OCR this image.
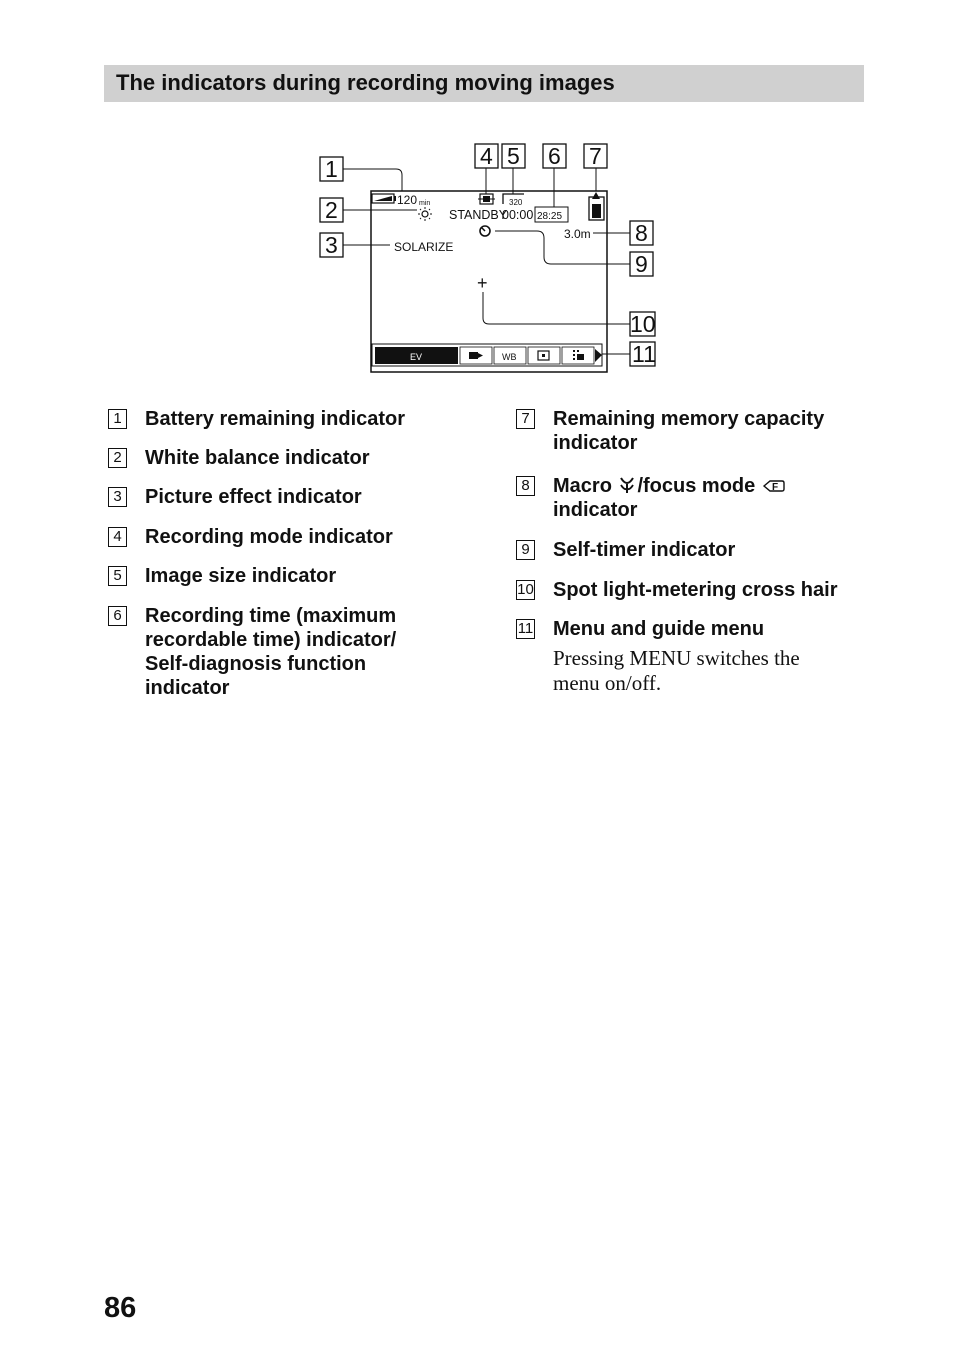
The indicators during recording moving images
120 min	320
STANDBY
00:00 28:25
SOLARIZE
3.0m
+
EV	WB
1
2
3
4 5 6 7
8
9
10
11
1 Battery remaining indicator
2 White balance indicator
3 Picture effect indicator
4 Recording mode indicator
5 Image size indicator
6 Recording time (maximum recordable time) indicator/ Self-diagnosis function indicator
7 Remaining memory capacity indicator
8 Macro /focus mode F

indicator
9 Self-timer indicator
10 Spot light-metering cross hair
11 Menu and guide menu
Pressing MENU switches the menu on/off.
86
